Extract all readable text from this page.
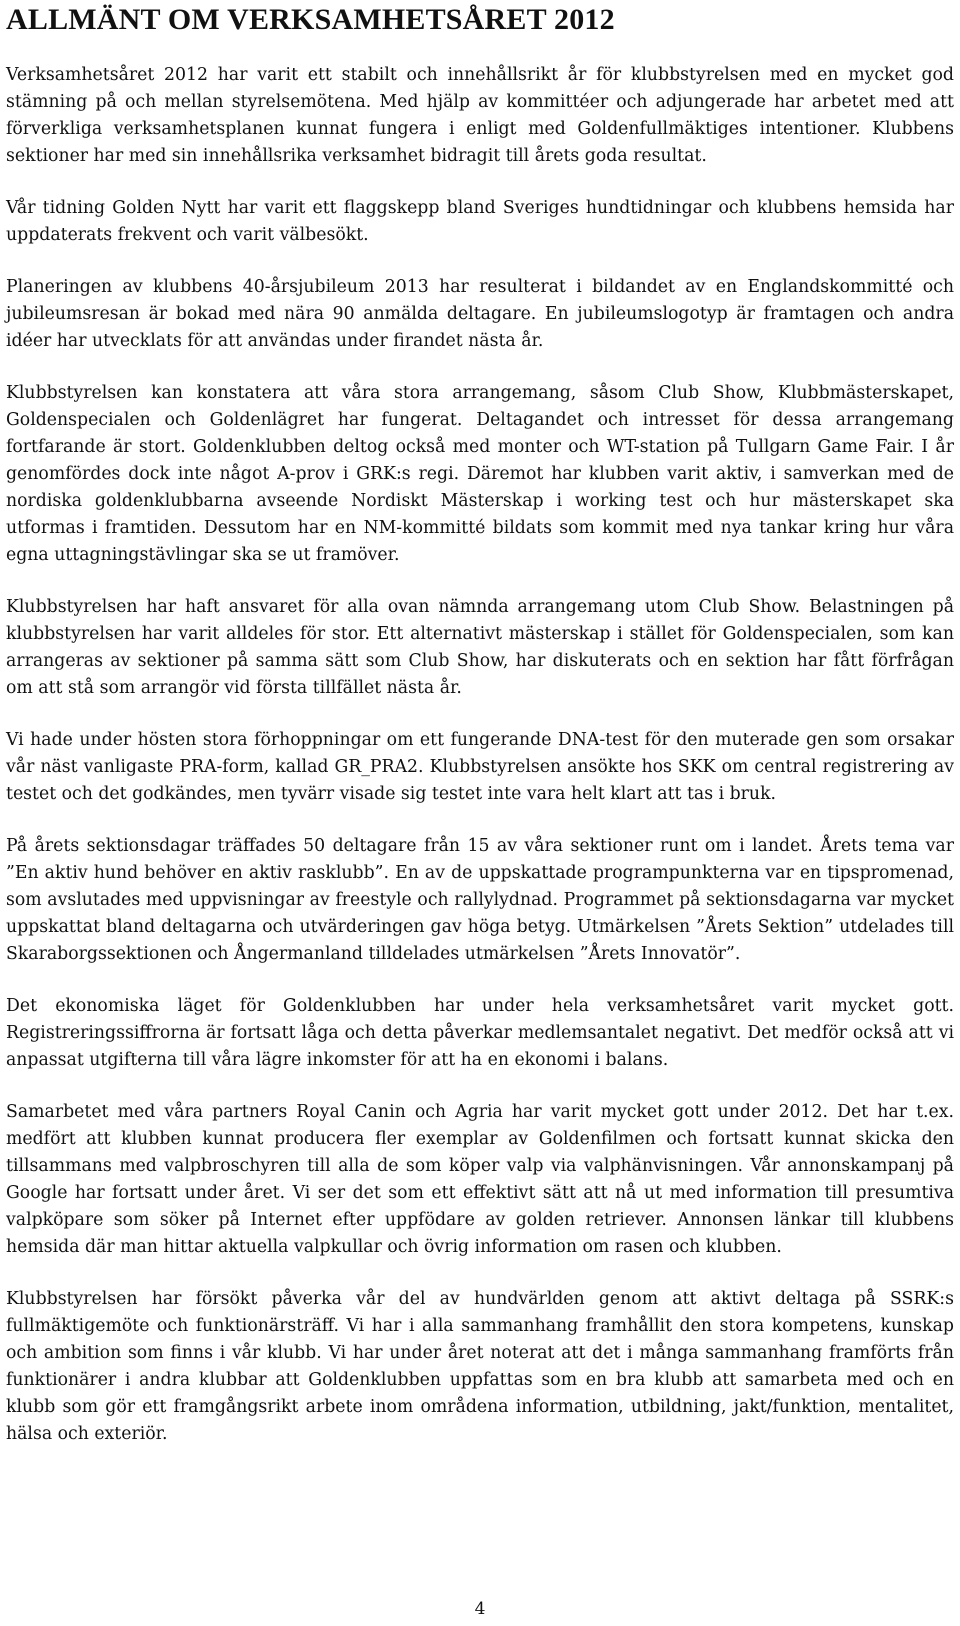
ALLMÄNT OM VERKSAMHETSÅRET 2012

Verksamhetsåret 2012 har varit ett stabilt och innehållsrikt år för klubbstyrelsen med en mycket god stämning på och mellan styrelsemötena. Med hjälp av kommittéer och adjungerade har arbetet med att förverkliga verksamhetsplanen kunnat fungera i enligt med Goldenfullmäktiges intentioner. Klubbens sektioner har med sin innehållsrika verksamhet bidragit till årets goda resultat.

Vår tidning Golden Nytt har varit ett flaggskepp bland Sveriges hundtidningar och klubbens hemsida har uppdaterats frekvent och varit välbesökt.

Planeringen av klubbens 40-årsjubileum 2013 har resulterat i bildandet av en Englandskommitté och jubileumsresan är bokad med nära 90 anmälda deltagare. En jubileumslogotyp är framtagen och andra idéer har utvecklats för att användas under firandet nästa år.

Klubbstyrelsen kan konstatera att våra stora arrangemang, såsom Club Show, Klubbmästerskapet, Goldenspecialen och Goldenlägret har fungerat. Deltagandet och intresset för dessa arrangemang fortfarande är stort. Goldenklubben deltog också med monter och WT-station på Tullgarn Game Fair. I år genomfördes dock inte något A-prov i GRK:s regi. Däremot har klubben varit aktiv, i samverkan med de nordiska goldenklubbarna avseende Nordiskt Mästerskap i working test och hur mästerskapet ska utformas i framtiden. Dessutom har en NM-kommitté bildats som kommit med nya tankar kring hur våra egna uttagningstävlingar ska se ut framöver.

Klubbstyrelsen har haft ansvaret för alla ovan nämnda arrangemang utom Club Show. Belastningen på klubbstyrelsen har varit alldeles för stor. Ett alternativt mästerskap i stället för Goldenspecialen, som kan arrangeras av sektioner på samma sätt som Club Show, har diskuterats och en sektion har fått förfrågan om att stå som arrangör vid första tillfället nästa år.

Vi hade under hösten stora förhoppningar om ett fungerande DNA-test för den muterade gen som orsakar vår näst vanligaste PRA-form, kallad GR_PRA2. Klubbstyrelsen ansökte hos SKK om central registrering av testet och det godkändes, men tyvärr visade sig testet inte vara helt klart att tas i bruk.

På årets sektionsdagar träffades 50 deltagare från 15 av våra sektioner runt om i landet. Årets tema var ”En aktiv hund behöver en aktiv rasklubb”. En av de uppskattade programpunkterna var en tipspromenad, som avslutades med uppvisningar av freestyle och rallylydnad. Programmet på sektionsdagarna var mycket uppskattat bland deltagarna och utvärderingen gav höga betyg. Utmärkelsen ”Årets Sektion” utdelades till Skaraborgssektionen och Ångermanland tilldelades utmärkelsen ”Årets Innovatör”.

Det ekonomiska läget för Goldenklubben har under hela verksamhetsåret varit mycket gott. Registreringssiffrorna är fortsatt låga och detta påverkar medlemsantalet negativt. Det medför också att vi anpassat utgifterna till våra lägre inkomster för att ha en ekonomi i balans.

Samarbetet med våra partners Royal Canin och Agria har varit mycket gott under 2012. Det har t.ex. medfört att klubben kunnat producera fler exemplar av Goldenfilmen och fortsatt kunnat skicka den tillsammans med valpbroschyren till alla de som köper valp via valphänvisningen. Vår annonskampanj på Google har fortsatt under året. Vi ser det som ett effektivt sätt att nå ut med information till presumtiva valpköpare som söker på Internet efter uppfödare av golden retriever. Annonsen länkar till klubbens hemsida där man hittar aktuella valpkullar och övrig information om rasen och klubben.

Klubbstyrelsen har försökt påverka vår del av hundvärlden genom att aktivt deltaga på SSRK:s fullmäktigemöte och funktionärsträff. Vi har i alla sammanhang framhållit den stora kompetens, kunskap och ambition som finns i vår klubb. Vi har under året noterat att det i många sammanhang framförts från funktionärer i andra klubbar att Goldenklubben uppfattas som en bra klubb att samarbeta med och en klubb som gör ett framgångsrikt arbete inom områdena information, utbildning, jakt/funktion, mentalitet, hälsa och exteriör.

4
